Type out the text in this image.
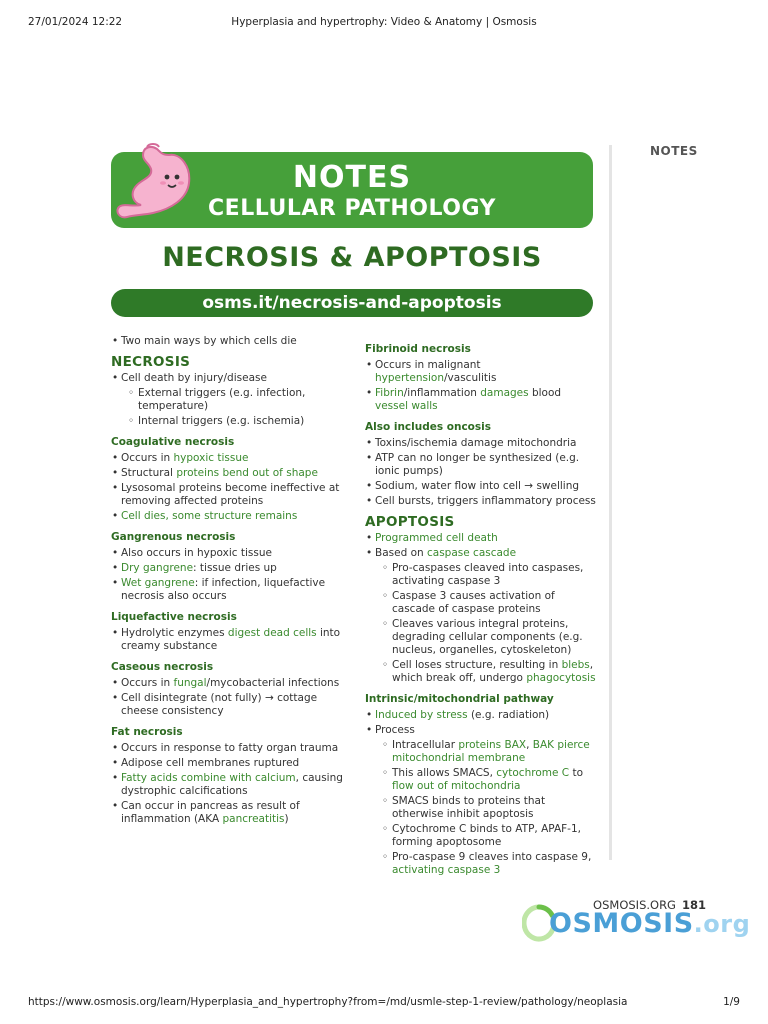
27/01/2024 12:22	Hyperplasia and hypertrophy: Video & Anatomy | Osmosis
NOTES
CELLULAR PATHOLOGY
NECROSIS & APOPTOSIS
osms.it/necrosis-and-apoptosis
• Two main ways by which cells die
NECROSIS
• Cell death by injury/disease
◦ External triggers (e.g. infection, temperature)
◦ Internal triggers (e.g. ischemia)
Coagulative necrosis
• Occurs in hypoxic tissue
• Structural proteins bend out of shape
• Lysosomal proteins become ineffective at removing affected proteins
• Cell dies, some structure remains
Gangrenous necrosis
• Also occurs in hypoxic tissue
• Dry gangrene: tissue dries up
• Wet gangrene: if infection, liquefactive necrosis also occurs
Liquefactive necrosis
• Hydrolytic enzymes digest dead cells into creamy substance
Caseous necrosis
• Occurs in fungal/mycobacterial infections
• Cell disintegrate (not fully) → cottage cheese consistency
Fat necrosis
• Occurs in response to fatty organ trauma
• Adipose cell membranes ruptured
• Fatty acids combine with calcium, causing dystrophic calcifications
• Can occur in pancreas as result of inflammation (AKA pancreatitis)
Fibrinoid necrosis
• Occurs in malignant hypertension/vasculitis
• Fibrin/inflammation damages blood vessel walls
Also includes oncosis
• Toxins/ischemia damage mitochondria
• ATP can no longer be synthesized (e.g. ionic pumps)
• Sodium, water flow into cell → swelling
• Cell bursts, triggers inflammatory process
APOPTOSIS
• Programmed cell death
• Based on caspase cascade
◦ Pro-caspases cleaved into caspases, activating caspase 3
◦ Caspase 3 causes activation of cascade of caspase proteins
◦ Cleaves various integral proteins, degrading cellular components (e.g. nucleus, organelles, cytoskeleton)
◦ Cell loses structure, resulting in blebs, which break off, undergo phagocytosis
Intrinsic/mitochondrial pathway
• Induced by stress (e.g. radiation)
• Process
◦ Intracellular proteins BAX, BAK pierce mitochondrial membrane
◦ This allows SMACS, cytochrome C to flow out of mitochondria
◦ SMACS binds to proteins that otherwise inhibit apoptosis
◦ Cytochrome C binds to ATP, APAF-1, forming apoptosome
◦ Pro-caspase 9 cleaves into caspase 9, activating caspase 3
NOTES
OSMOSIS.ORG 181
OSMOSIS.org
https://www.osmosis.org/learn/Hyperplasia_and_hypertrophy?from=/md/usmle-step-1-review/pathology/neoplasia	1/9
